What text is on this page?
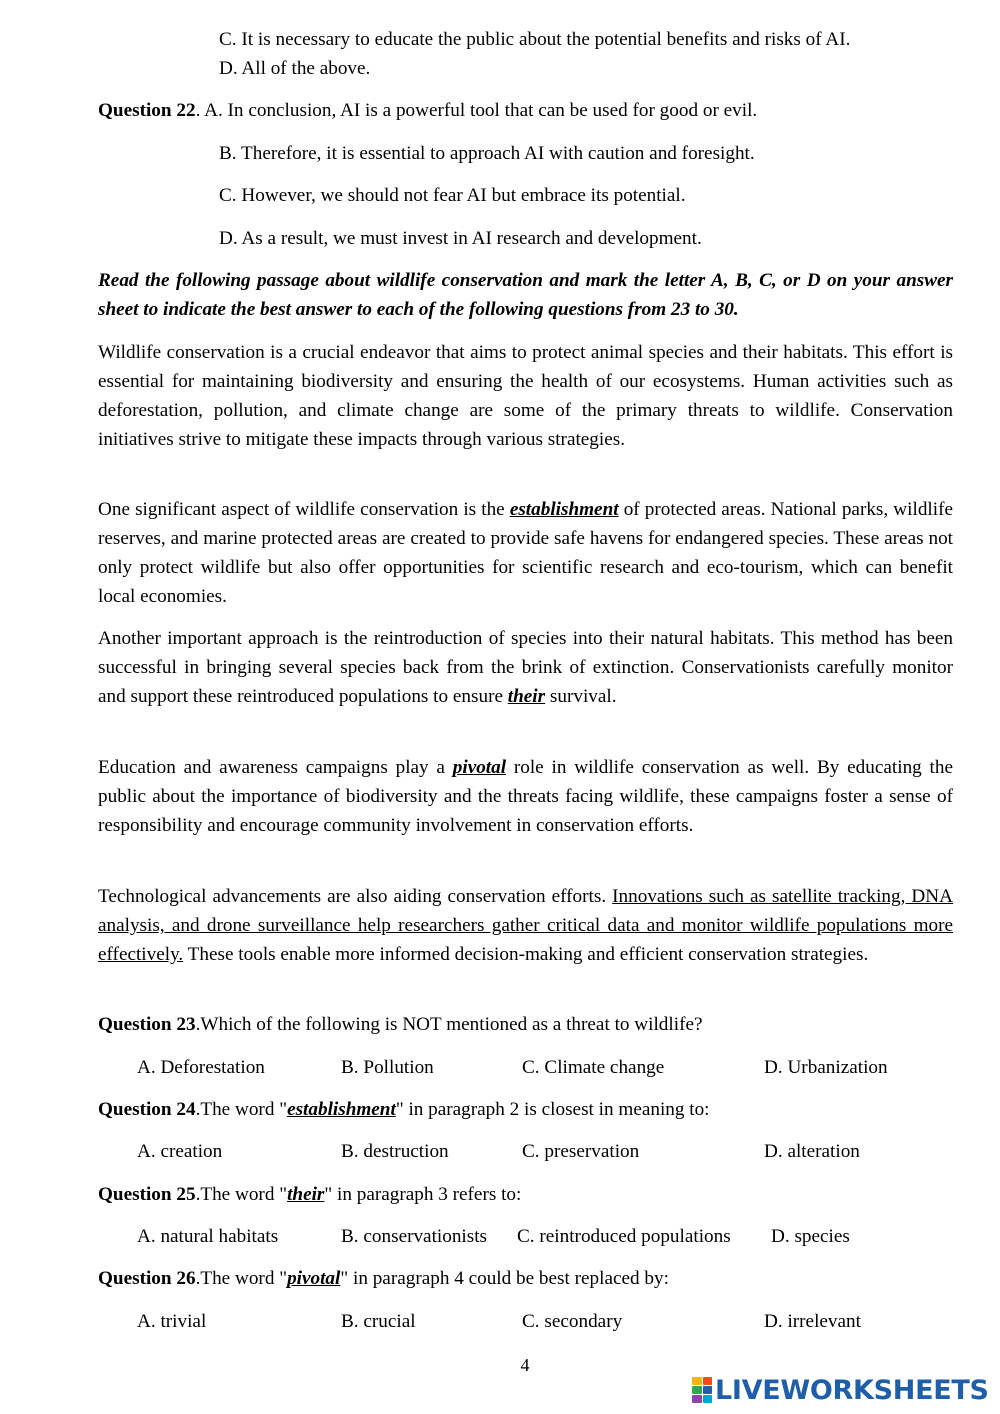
C. It is necessary to educate the public about the potential benefits and risks of AI.

D. All of the above.

Question 22. A. In conclusion, AI is a powerful tool that can be used for good or evil.

B. Therefore, it is essential to approach AI with caution and foresight.

C. However, we should not fear AI but embrace its potential.

D. As a result, we must invest in AI research and development.

Read the following passage about wildlife conservation and mark the letter A, B, C, or D on your answer sheet to indicate the best answer to each of the following questions from 23 to 30.

Wildlife conservation is a crucial endeavor that aims to protect animal species and their habitats. This effort is essential for maintaining biodiversity and ensuring the health of our ecosystems. Human activities such as deforestation, pollution, and climate change are some of the primary threats to wildlife. Conservation initiatives strive to mitigate these impacts through various strategies.

One significant aspect of wildlife conservation is the establishment of protected areas. National parks, wildlife reserves, and marine protected areas are created to provide safe havens for endangered species. These areas not only protect wildlife but also offer opportunities for scientific research and eco-tourism, which can benefit local economies.

Another important approach is the reintroduction of species into their natural habitats. This method has been successful in bringing several species back from the brink of extinction. Conservationists carefully monitor and support these reintroduced populations to ensure their survival.

Education and awareness campaigns play a pivotal role in wildlife conservation as well. By educating the public about the importance of biodiversity and the threats facing wildlife, these campaigns foster a sense of responsibility and encourage community involvement in conservation efforts.

Technological advancements are also aiding conservation efforts. Innovations such as satellite tracking, DNA analysis, and drone surveillance help researchers gather critical data and monitor wildlife populations more effectively. These tools enable more informed decision-making and efficient conservation strategies.

Question 23.Which of the following is NOT mentioned as a threat to wildlife?

A. Deforestation	B. Pollution	C. Climate change	D. Urbanization

Question 24.The word "establishment" in paragraph 2 is closest in meaning to:

A. creation	B. destruction	C. preservation	D. alteration

Question 25.The word "their" in paragraph 3 refers to:

A. natural habitats	B. conservationists C. reintroduced populations D. species

Question 26.The word "pivotal" in paragraph 4 could be best replaced by:

A. trivial	B. crucial	C. secondary	D. irrelevant

4
LIVEWORKSHEETS
